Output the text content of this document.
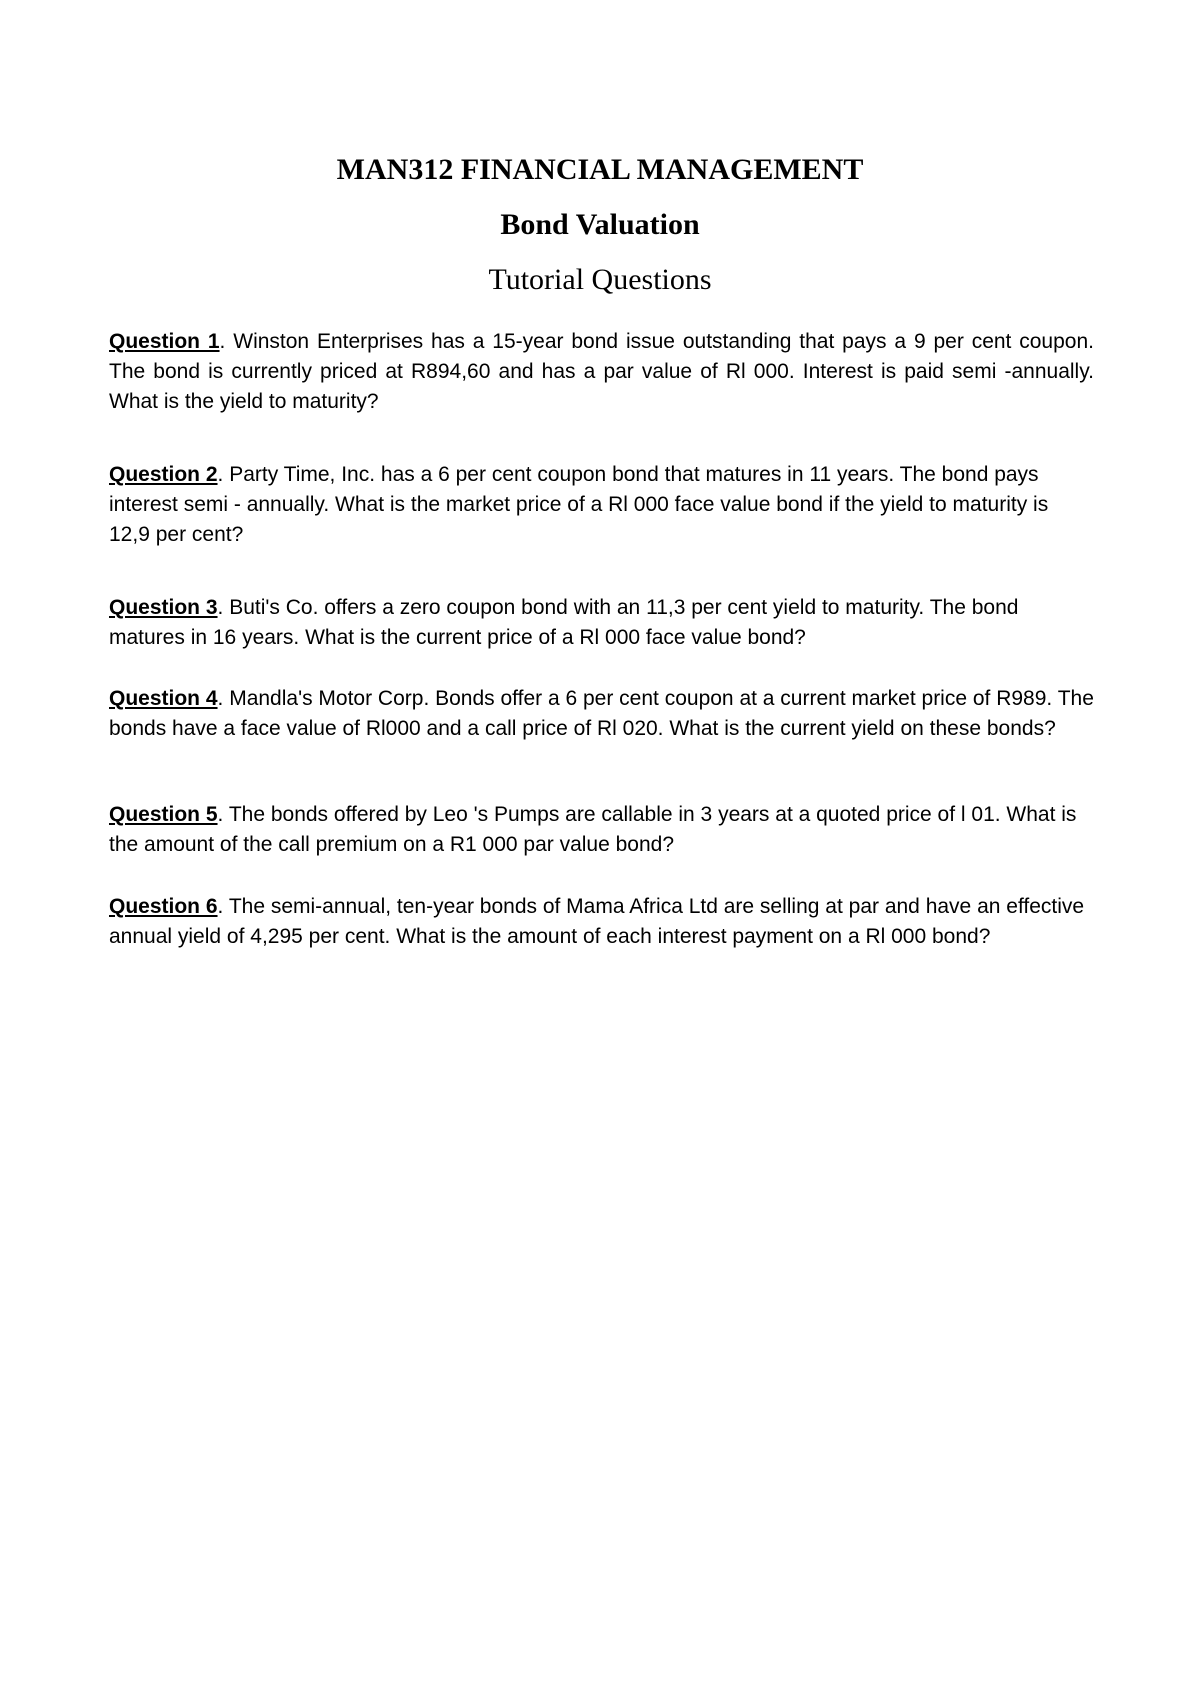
MAN312 FINANCIAL MANAGEMENT
Bond Valuation
Tutorial Questions

Question 1. Winston Enterprises has a 15-year bond issue outstanding that pays a 9 per cent coupon. The bond is currently priced at R894,60 and has a par value of Rl 000. Interest is paid semi -annually. What is the yield to maturity?

Question 2. Party Time, Inc. has a 6 per cent coupon bond that matures in 11 years. The bond pays interest semi - annually. What is the market price of a Rl 000 face value bond if the yield to maturity is 12,9 per cent?

Question 3. Buti's Co. offers a zero coupon bond with an 11,3 per cent yield to maturity. The bond matures in 16 years. What is the current price of a Rl 000 face value bond?

Question 4. Mandla's Motor Corp. Bonds offer a 6 per cent coupon at a current market price of R989. The bonds have a face value of Rl000 and a call price of Rl 020. What is the current yield on these bonds?

Question 5. The bonds offered by Leo 's Pumps are callable in 3 years at a quoted price of l 01. What is the amount of the call premium on a R1 000 par value bond?

Question 6. The semi-annual, ten-year bonds of Mama Africa Ltd are selling at par and have an effective annual yield of 4,295 per cent. What is the amount of each interest payment on a Rl 000 bond?
